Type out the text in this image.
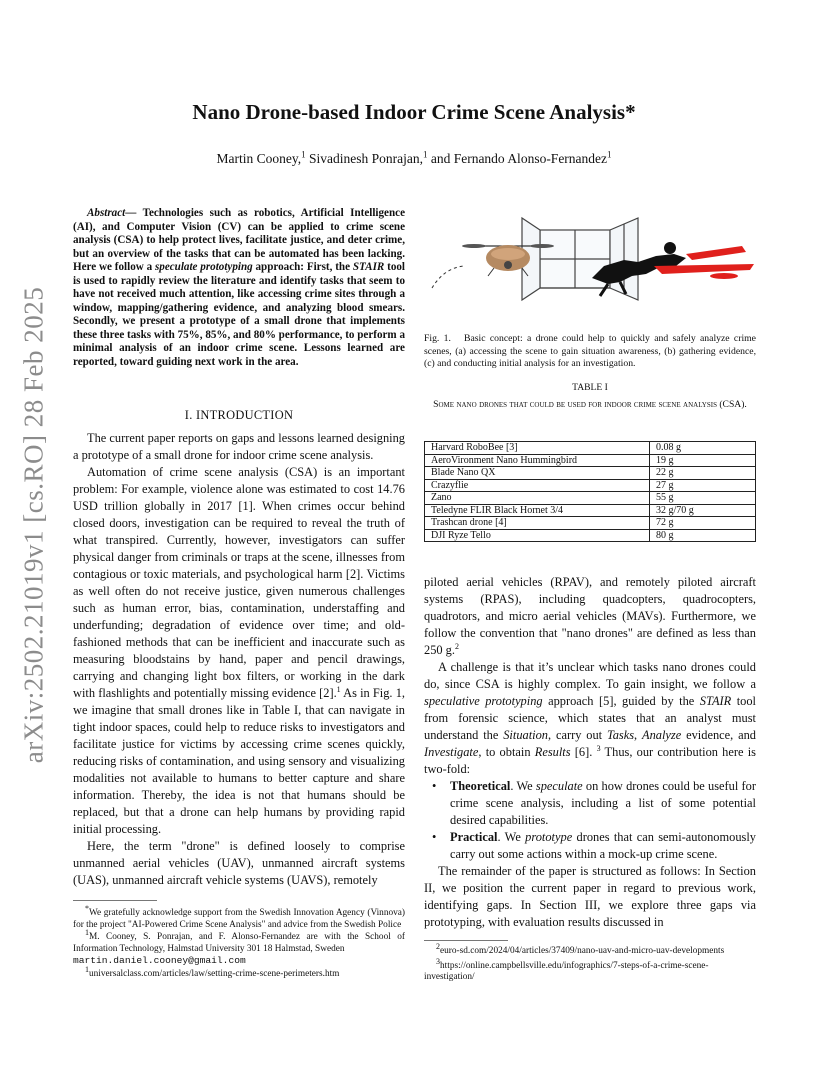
arXiv:2502.21019v1 [cs.RO] 28 Feb 2025
Nano Drone-based Indoor Crime Scene Analysis*
Martin Cooney,$^1$ Sivadinesh Ponrajan,$^1$ and Fernando Alonso-Fernandez$^1$
Abstract— Technologies such as robotics, Artificial Intelligence (AI), and Computer Vision (CV) can be applied to crime scene analysis (CSA) to help protect lives, facilitate justice, and deter crime, but an overview of the tasks that can be automated has been lacking. Here we follow a speculate prototyping approach: First, the STAIR tool is used to rapidly review the literature and identify tasks that seem to have not received much attention, like accessing crime sites through a window, mapping/gathering evidence, and analyzing blood smears. Secondly, we present a prototype of a small drone that implements these three tasks with 75%, 85%, and 80% performance, to perform a minimal analysis of an indoor crime scene. Lessons learned are reported, toward guiding next work in the area.
I. INTRODUCTION

The current paper reports on gaps and lessons learned designing a prototype of a small drone for indoor crime scene analysis.

Automation of crime scene analysis (CSA) is an important problem: For example, violence alone was estimated to cost 14.76 USD trillion globally in 2017 [1]. When crimes occur behind closed doors, investigation can be required to reveal the truth of what transpired. Currently, however, investigators can suffer physical danger from criminals or traps at the scene, illnesses from contagious or toxic materials, and psychological harm [2]. Victims as well often do not receive justice, given numerous challenges such as human error, bias, contamination, understaffing and underfunding; degradation of evidence over time; and old-fashioned methods that can be inefficient and inaccurate such as measuring bloodstains by hand, paper and pencil drawings, carrying and changing light box filters, or working in the dark with flashlights and potentially missing evidence [2].$^1$ As in Fig. 1, we imagine that small drones like in Table I, that can navigate in tight indoor spaces, could help to reduce risks to investigators and facilitate justice for victims by accessing crime scenes quickly, reducing risks of contamination, and using sensory and visualizing modalities not available to humans to better capture and share information. Thereby, the idea is not that humans should be replaced, but that a drone can help humans by providing rapid initial processing.

Here, the term "drone" is defined loosely to comprise unmanned aerial vehicles (UAV), unmanned aircraft systems (UAS), unmanned aircraft vehicle systems (UAVS), remotely

*We gratefully acknowledge support from the Swedish Innovation Agency (Vinnova) for the project "AI-Powered Crime Scene Analysis" and advice from the Swedish Police

$^1$M. Cooney, S. Ponrajan, and F. Alonso-Fernandez are with the School of Information Technology, Halmstad University 301 18 Halmstad, Sweden
martin.daniel.cooney@gmail.com

$^1$universalclass.com/articles/law/setting-crime-scene-perimeters.htm

Fig. 1. Basic concept: a drone could help to quickly and safely analyze crime scenes, (a) accessing the scene to gain situation awareness, (b) gathering evidence, (c) and conducting initial analysis for an investigation.
TABLE I
Some nano drones that could be used for indoor crime scene analysis (CSA).
Harvard RoboBee [3]	0.08 g
AeroVironment Nano Hummingbird	19 g
Blade Nano QX	22 g
Crazyflie	27 g
Zano	55 g
Teledyne FLIR Black Hornet 3/4	32 g/70 g
Trashcan drone [4]	72 g
DJI Ryze Tello	80 g

piloted aerial vehicles (RPAV), and remotely piloted aircraft systems (RPAS), including quadcopters, quadrocopters, quadrotors, and micro aerial vehicles (MAVs). Furthermore, we follow the convention that "nano drones" are defined as less than 250 g.$^2$

A challenge is that it’s unclear which tasks nano drones could do, since CSA is highly complex. To gain insight, we follow a speculative prototyping approach [5], guided by the STAIR tool from forensic science, which states that an analyst must understand the Situation, carry out Tasks, Analyze evidence, and Investigate, to obtain Results [6]. $^3$ Thus, our contribution here is two-fold:

• Theoretical. We speculate on how drones could be useful for crime scene analysis, including a list of some potential desired capabilities.
• Practical. We prototype drones that can semi-autonomously carry out some actions within a mock-up crime scene.

The remainder of the paper is structured as follows: In Section II, we position the current paper in regard to previous work, identifying gaps. In Section III, we explore three gaps via prototyping, with evaluation results discussed in

$^2$euro-sd.com/2024/04/articles/37409/nano-uav-and-micro-uav-developments

$^3$https://online.campbellsville.edu/infographics/7-steps-of-a-crime-scene-investigation/
